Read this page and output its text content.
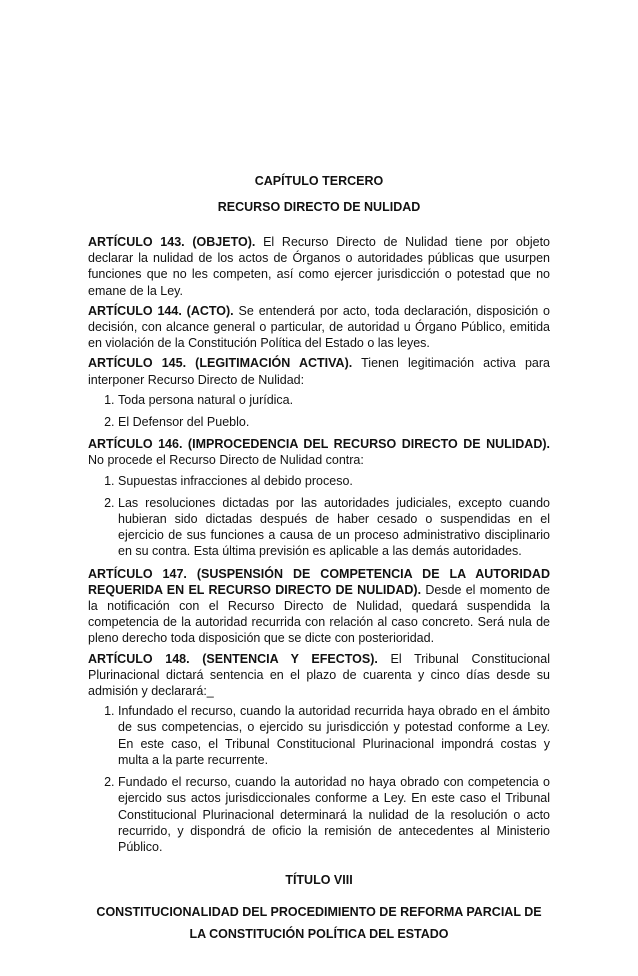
CAPÍTULO TERCERO
RECURSO DIRECTO DE NULIDAD

ARTÍCULO 143. (OBJETO). El Recurso Directo de Nulidad tiene por objeto declarar la nulidad de los actos de Órganos o autoridades públicas que usurpen funciones que no les competen, así como ejercer jurisdicción o potestad que no emane de la Ley.

ARTÍCULO 144. (ACTO). Se entenderá por acto, toda declaración, disposición o decisión, con alcance general o particular, de autoridad u Órgano Público, emitida en violación de la Constitución Política del Estado o las leyes.

ARTÍCULO 145. (LEGITIMACIÓN ACTIVA). Tienen legitimación activa para interponer Recurso Directo de Nulidad:

1. Toda persona natural o jurídica.
2. El Defensor del Pueblo.

ARTÍCULO 146. (IMPROCEDENCIA DEL RECURSO DIRECTO DE NULIDAD). No procede el Recurso Directo de Nulidad contra:

1. Supuestas infracciones al debido proceso.
2. Las resoluciones dictadas por las autoridades judiciales, excepto cuando hubieran sido dictadas después de haber cesado o suspendidas en el ejercicio de sus funciones a causa de un proceso administrativo disciplinario en su contra. Esta última previsión es aplicable a las demás autoridades.

ARTÍCULO 147. (SUSPENSIÓN DE COMPETENCIA DE LA AUTORIDAD REQUERIDA EN EL RECURSO DIRECTO DE NULIDAD). Desde el momento de la notificación con el Recurso Directo de Nulidad, quedará suspendida la competencia de la autoridad recurrida con relación al caso concreto. Será nula de pleno derecho toda disposición que se dicte con posterioridad.

ARTÍCULO 148. (SENTENCIA Y EFECTOS). El Tribunal Constitucional Plurinacional dictará sentencia en el plazo de cuarenta y cinco días desde su admisión y declarará:_

1. Infundado el recurso, cuando la autoridad recurrida haya obrado en el ámbito de sus competencias, o ejercido su jurisdicción y potestad conforme a Ley. En este caso, el Tribunal Constitucional Plurinacional impondrá costas y multa a la parte recurrente.
2. Fundado el recurso, cuando la autoridad no haya obrado con competencia o ejercido sus actos jurisdiccionales conforme a Ley. En este caso el Tribunal Constitucional Plurinacional determinará la nulidad de la resolución o acto recurrido, y dispondrá de oficio la remisión de antecedentes al Ministerio Público.
TÍTULO VIII
CONSTITUCIONALIDAD DEL PROCEDIMIENTO DE REFORMA PARCIAL DE
LA CONSTITUCIÓN POLÍTICA DEL ESTADO
